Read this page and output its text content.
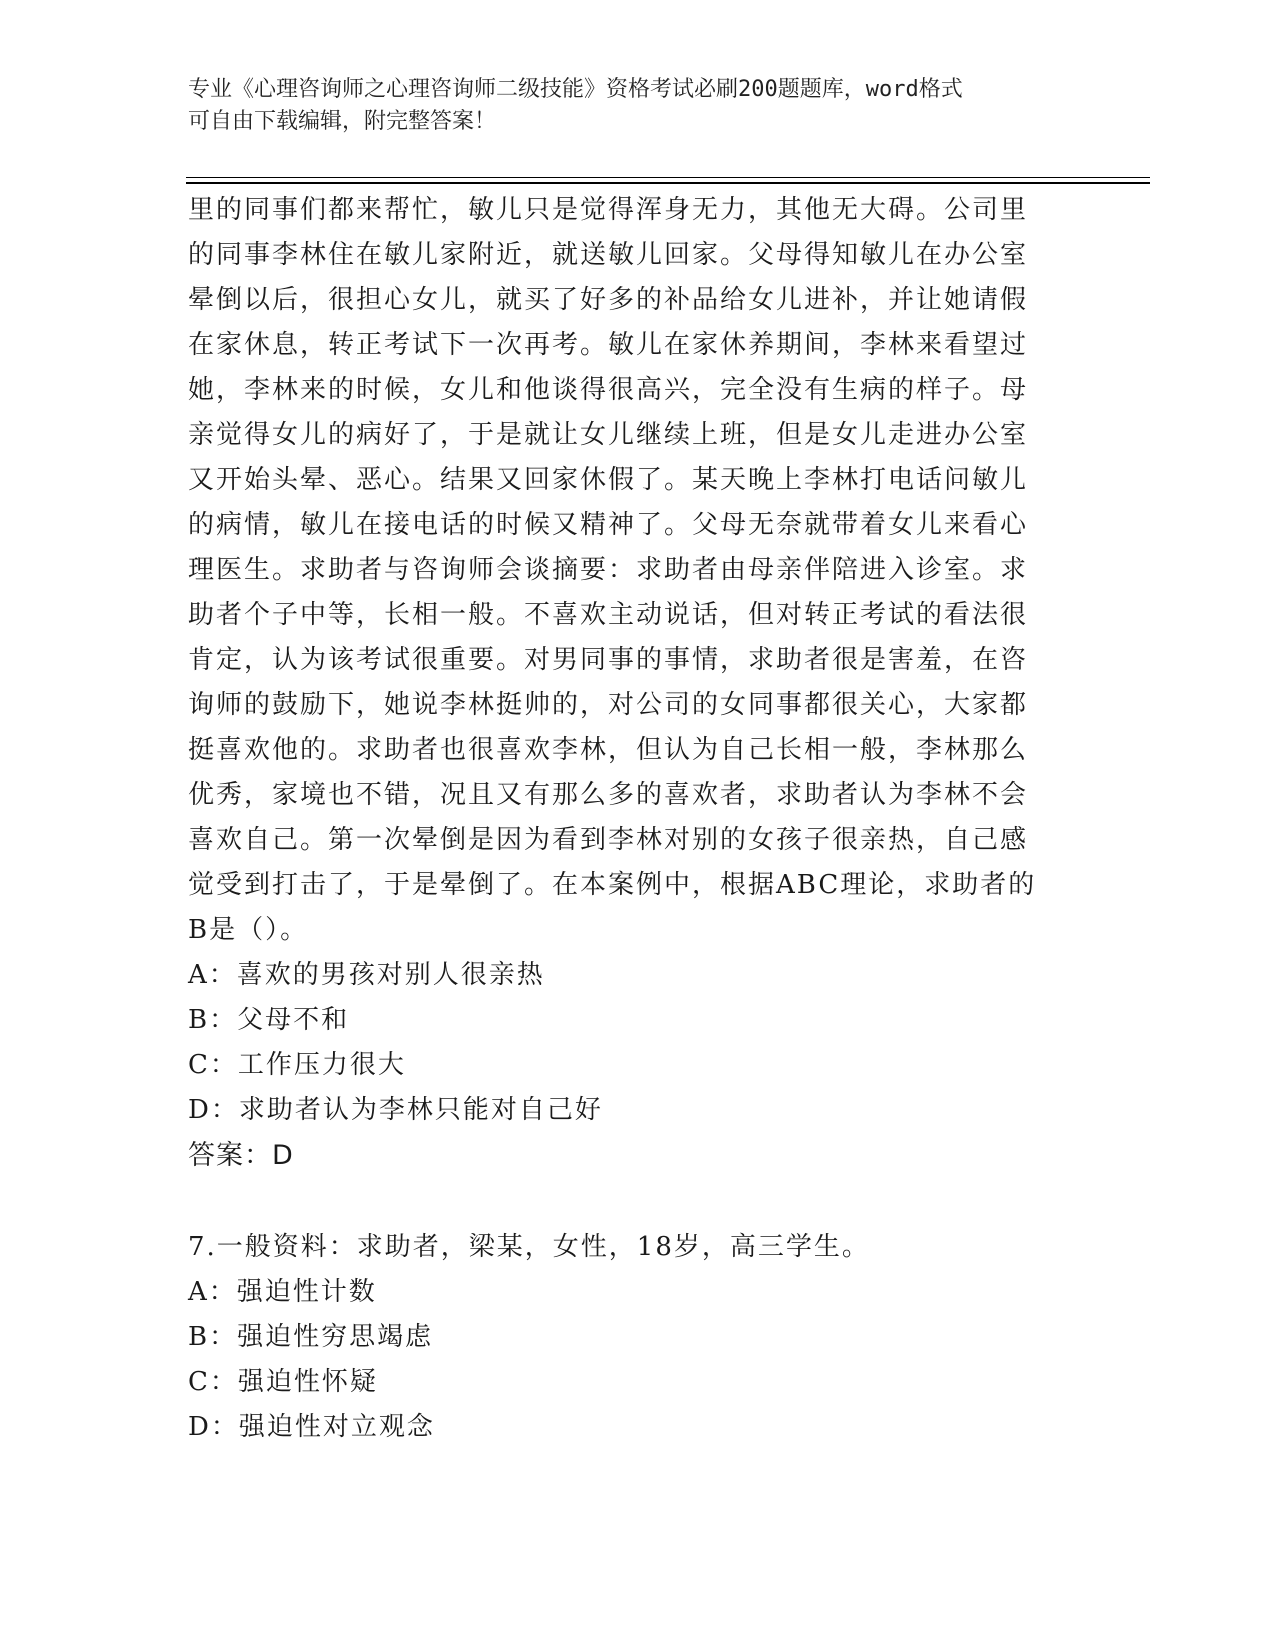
专业《心理咨询师之心理咨询师二级技能》资格考试必刷200题题库，word格式
可自由下载编辑，附完整答案！
里的同事们都来帮忙，敏儿只是觉得浑身无力，其他无大碍。公司里
的同事李林住在敏儿家附近，就送敏儿回家。父母得知敏儿在办公室
晕倒以后，很担心女儿，就买了好多的补品给女儿进补，并让她请假
在家休息，转正考试下一次再考。敏儿在家休养期间，李林来看望过
她，李林来的时候，女儿和他谈得很高兴，完全没有生病的样子。母
亲觉得女儿的病好了，于是就让女儿继续上班，但是女儿走进办公室
又开始头晕、恶心。结果又回家休假了。某天晚上李林打电话问敏儿
的病情，敏儿在接电话的时候又精神了。父母无奈就带着女儿来看心
理医生。求助者与咨询师会谈摘要：求助者由母亲伴陪进入诊室。求
助者个子中等，长相一般。不喜欢主动说话，但对转正考试的看法很
肯定，认为该考试很重要。对男同事的事情，求助者很是害羞，在咨
询师的鼓励下，她说李林挺帅的，对公司的女同事都很关心，大家都
挺喜欢他的。求助者也很喜欢李林，但认为自己长相一般，李林那么
优秀，家境也不错，况且又有那么多的喜欢者，求助者认为李林不会
喜欢自己。第一次晕倒是因为看到李林对别的女孩子很亲热，自己感
觉受到打击了，于是晕倒了。在本案例中，根据ABC理论，求助者的
B是（）。
A：喜欢的男孩对别人很亲热
B：父母不和
C：工作压力很大
D：求助者认为李林只能对自己好
答案：D
7.一般资料：求助者，梁某，女性，18岁，高三学生。
A：强迫性计数
B：强迫性穷思竭虑
C：强迫性怀疑
D：强迫性对立观念
